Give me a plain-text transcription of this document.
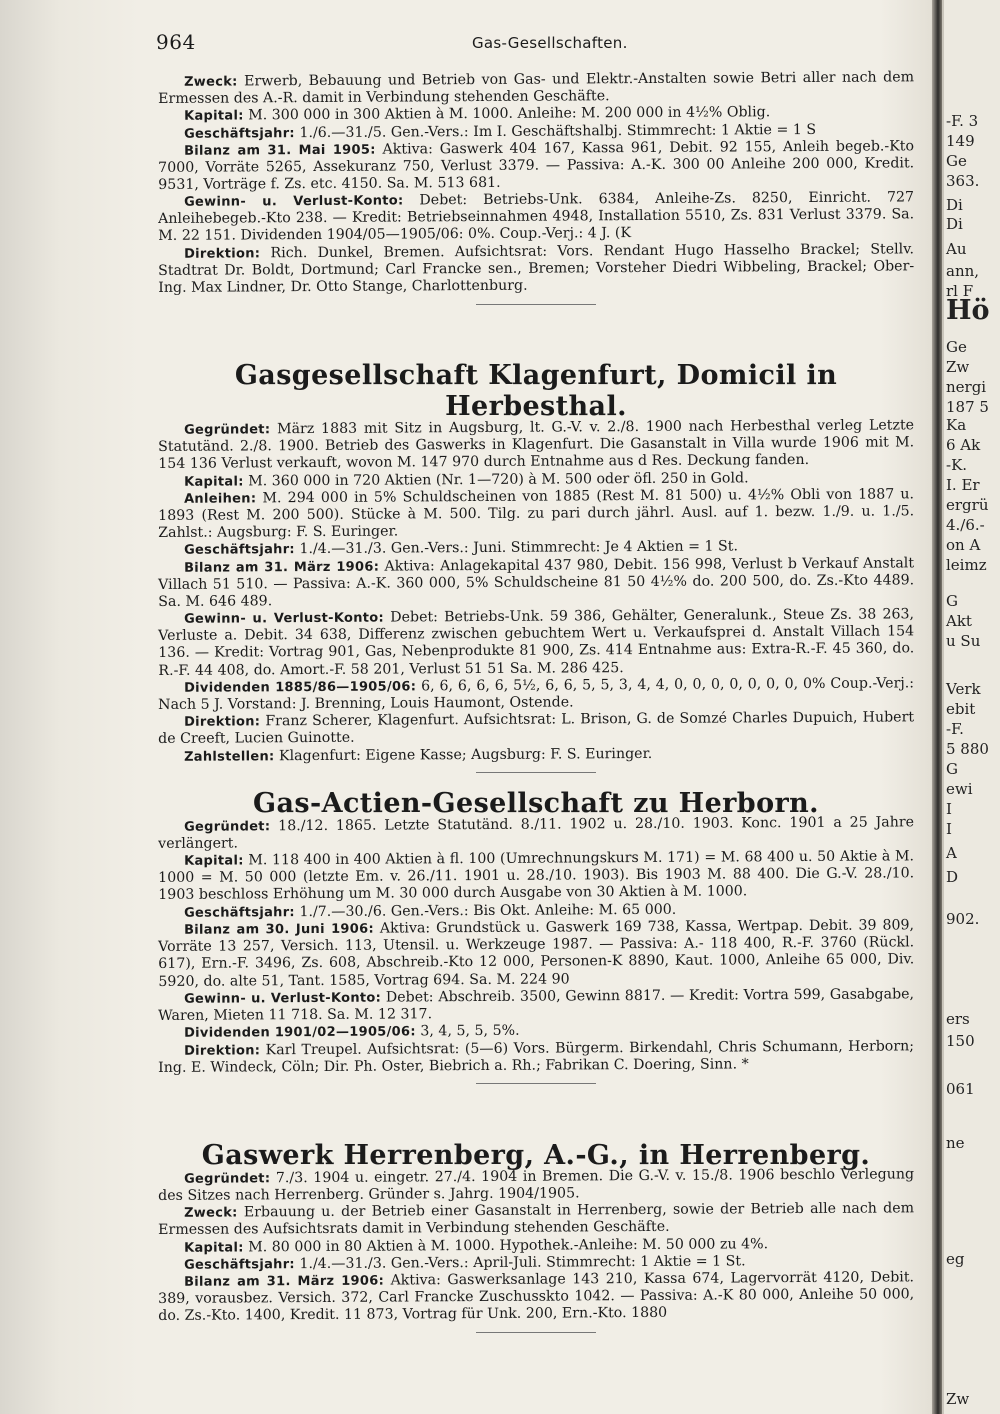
964	Gas-Gesellschaften.

Zweck: Erwerb, Bebauung und Betrieb von Gas- und Elektr.-Anstalten sowie Betri aller nach dem Ermessen des A.-R. damit in Verbindung stehenden Geschäfte.

Kapital: M. 300 000 in 300 Aktien à M. 1000. Anleihe: M. 200 000 in 4½% Oblig.

Geschäftsjahr: 1./6.—31./5. Gen.-Vers.: Im I. Geschäftshalbj. Stimmrecht: 1 Aktie = 1 S

Bilanz am 31. Mai 1905: Aktiva: Gaswerk 404 167, Kassa 961, Debit. 92 155, Anleih begeb.-Kto 7000, Vorräte 5265, Assekuranz 750, Verlust 3379. — Passiva: A.-K. 300 00 Anleihe 200 000, Kredit. 9531, Vorträge f. Zs. etc. 4150. Sa. M. 513 681.

Gewinn- u. Verlust-Konto: Debet: Betriebs-Unk. 6384, Anleihe-Zs. 8250, Einricht. 727 Anleihebegeb.-Kto 238. — Kredit: Betriebseinnahmen 4948, Installation 5510, Zs. 831 Verlust 3379. Sa. M. 22 151. Dividenden 1904/05—1905/06: 0%. Coup.-Verj.: 4 J. (K

Direktion: Rich. Dunkel, Bremen. Aufsichtsrat: Vors. Rendant Hugo Hasselho Brackel; Stellv. Stadtrat Dr. Boldt, Dortmund; Carl Francke sen., Bremen; Vorsteher Diedri Wibbeling, Brackel; Ober-Ing. Max Lindner, Dr. Otto Stange, Charlottenburg.

Gasgesellschaft Klagenfurt, Domicil in Herbesthal.

Gegründet: März 1883 mit Sitz in Augsburg, lt. G.-V. v. 2./8. 1900 nach Herbesthal verleg Letzte Statutänd. 2./8. 1900. Betrieb des Gaswerks in Klagenfurt. Die Gasanstalt in Villa wurde 1906 mit M. 154 136 Verlust verkauft, wovon M. 147 970 durch Entnahme aus d Res. Deckung fanden.

Kapital: M. 360 000 in 720 Aktien (Nr. 1—720) à M. 500 oder öfl. 250 in Gold.

Anleihen: M. 294 000 in 5% Schuldscheinen von 1885 (Rest M. 81 500) u. 4½% Obli von 1887 u. 1893 (Rest M. 200 500). Stücke à M. 500. Tilg. zu pari durch jährl. Ausl. auf 1. bezw. 1./9. u. 1./5. Zahlst.: Augsburg: F. S. Euringer.

Geschäftsjahr: 1./4.—31./3. Gen.-Vers.: Juni. Stimmrecht: Je 4 Aktien = 1 St.

Bilanz am 31. März 1906: Aktiva: Anlagekapital 437 980, Debit. 156 998, Verlust b Verkauf Anstalt Villach 51 510. — Passiva: A.-K. 360 000, 5% Schuldscheine 81 50 4½% do. 200 500, do. Zs.-Kto 4489. Sa. M. 646 489.

Gewinn- u. Verlust-Konto: Debet: Betriebs-Unk. 59 386, Gehälter, Generalunk., Steue Zs. 38 263, Verluste a. Debit. 34 638, Differenz zwischen gebuchtem Wert u. Verkaufsprei d. Anstalt Villach 154 136. — Kredit: Vortrag 901, Gas, Nebenprodukte 81 900, Zs. 414 Entnahme aus: Extra-R.-F. 45 360, do. R.-F. 44 408, do. Amort.-F. 58 201, Verlust 51 51 Sa. M. 286 425.

Dividenden 1885/86—1905/06: 6, 6, 6, 6, 6, 5½, 6, 6, 5, 5, 3, 4, 4, 0, 0, 0, 0, 0, 0, 0, 0% Coup.-Verj.: Nach 5 J. Vorstand: J. Brenning, Louis Haumont, Ostende.

Direktion: Franz Scherer, Klagenfurt. Aufsichtsrat: L. Brison, G. de Somzé Charles Dupuich, Hubert de Creeft, Lucien Guinotte.

Zahlstellen: Klagenfurt: Eigene Kasse; Augsburg: F. S. Euringer.

Gas-Actien-Gesellschaft zu Herborn.

Gegründet: 18./12. 1865. Letzte Statutänd. 8./11. 1902 u. 28./10. 1903. Konc. 1901 a 25 Jahre verlängert.

Kapital: M. 118 400 in 400 Aktien à fl. 100 (Umrechnungskurs M. 171) = M. 68 400 u. 50 Aktie à M. 1000 = M. 50 000 (letzte Em. v. 26./11. 1901 u. 28./10. 1903). Bis 1903 M. 88 400. Die G.-V. 28./10. 1903 beschloss Erhöhung um M. 30 000 durch Ausgabe von 30 Aktien à M. 1000.

Geschäftsjahr: 1./7.—30./6. Gen.-Vers.: Bis Okt. Anleihe: M. 65 000.

Bilanz am 30. Juni 1906: Aktiva: Grundstück u. Gaswerk 169 738, Kassa, Wertpap. Debit. 39 809, Vorräte 13 257, Versich. 113, Utensil. u. Werkzeuge 1987. — Passiva: A.- 118 400, R.-F. 3760 (Rückl. 617), Ern.-F. 3496, Zs. 608, Abschreib.-Kto 12 000, Personen-K 8890, Kaut. 1000, Anleihe 65 000, Div. 5920, do. alte 51, Tant. 1585, Vortrag 694. Sa. M. 224 90

Gewinn- u. Verlust-Konto: Debet: Abschreib. 3500, Gewinn 8817. — Kredit: Vortra 599, Gasabgabe, Waren, Mieten 11 718. Sa. M. 12 317.

Dividenden 1901/02—1905/06: 3, 4, 5, 5, 5%.

Direktion: Karl Treupel. Aufsichtsrat: (5—6) Vors. Bürgerm. Birkendahl, Chris Schumann, Herborn; Ing. E. Windeck, Cöln; Dir. Ph. Oster, Biebrich a. Rh.; Fabrikan C. Doering, Sinn. *

Gaswerk Herrenberg, A.-G., in Herrenberg.

Gegründet: 7./3. 1904 u. eingetr. 27./4. 1904 in Bremen. Die G.-V. v. 15./8. 1906 beschlo Verlegung des Sitzes nach Herrenberg. Gründer s. Jahrg. 1904/1905.

Zweck: Erbauung u. der Betrieb einer Gasanstalt in Herrenberg, sowie der Betrieb alle nach dem Ermessen des Aufsichtsrats damit in Verbindung stehenden Geschäfte.

Kapital: M. 80 000 in 80 Aktien à M. 1000. Hypothek.-Anleihe: M. 50 000 zu 4%.

Geschäftsjahr: 1./4.—31./3. Gen.-Vers.: April-Juli. Stimmrecht: 1 Aktie = 1 St.

Bilanz am 31. März 1906: Aktiva: Gaswerksanlage 143 210, Kassa 674, Lagervorrät 4120, Debit. 389, vorausbez. Versich. 372, Carl Francke Zuschusskto 1042. — Passiva: A.-K 80 000, Anleihe 50 000, do. Zs.-Kto. 1400, Kredit. 11 873, Vortrag für Unk. 200, Ern.-Kto. 1880

-F. 3
149
Ge
363.
Di
Di
Au
ann,
rl F
Hö
Ge
Zw
nergi
187 5
Ka
6 Ak
-K.
I. Er
ergrü
4./6.-
on A
leimz
G
Akt
u Su
Verk
ebit
-F.
5 880
G
ewi
I
I
A
D
902.
ers
150
061
ne
eg
Zw
